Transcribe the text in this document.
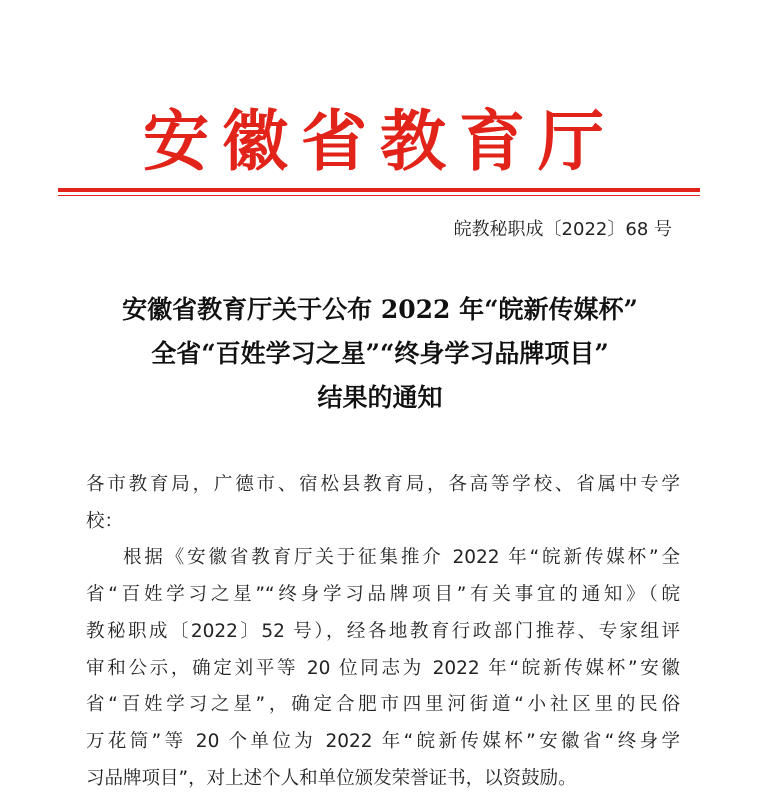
安徽省教育厅
皖教秘职成〔2022〕68 号
安徽省教育厅关于公布 2022 年“皖新传媒杯”
全省“百姓学习之星”“终身学习品牌项目”
结果的通知
各市教育局，广德市、宿松县教育局，各高等学校、省属中专学
校：
根据《安徽省教育厅关于征集推介 2022 年“皖新传媒杯”全
省“百姓学习之星”“终身学习品牌项目”有关事宜的通知》（皖
教秘职成〔2022〕52 号），经各地教育行政部门推荐、专家组评
审和公示，确定刘平等 20 位同志为 2022 年“皖新传媒杯”安徽
省“百姓学习之星”，确定合肥市四里河街道“小社区里的民俗
万花筒”等 20 个单位为 2022 年“皖新传媒杯”安徽省“终身学
习品牌项目”，对上述个人和单位颁发荣誉证书，以资鼓励。
